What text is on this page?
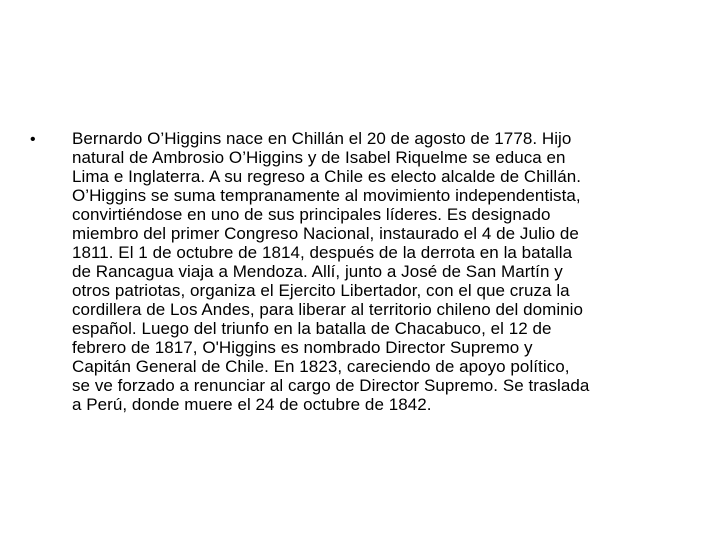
•	Bernardo O’Higgins nace en Chillán el 20 de agosto de 1778. Hijo
natural de Ambrosio O’Higgins y de Isabel Riquelme se educa en
Lima e Inglaterra. A su regreso a Chile es electo alcalde de Chillán.
O’Higgins se suma tempranamente al movimiento independentista,
convirtiéndose en uno de sus principales líderes. Es designado
miembro del primer Congreso Nacional, instaurado el 4 de Julio de
1811. El 1 de octubre de 1814, después de la derrota en la batalla
de Rancagua viaja a Mendoza. Allí, junto a José de San Martín y
otros patriotas, organiza el Ejercito Libertador, con el que cruza la
cordillera de Los Andes, para liberar al territorio chileno del dominio
español. Luego del triunfo en la batalla de Chacabuco, el 12 de
febrero de 1817, O'Higgins es nombrado Director Supremo y
Capitán General de Chile. En 1823, careciendo de apoyo político,
se ve forzado a renunciar al cargo de Director Supremo. Se traslada
a Perú, donde muere el 24 de octubre de 1842.
